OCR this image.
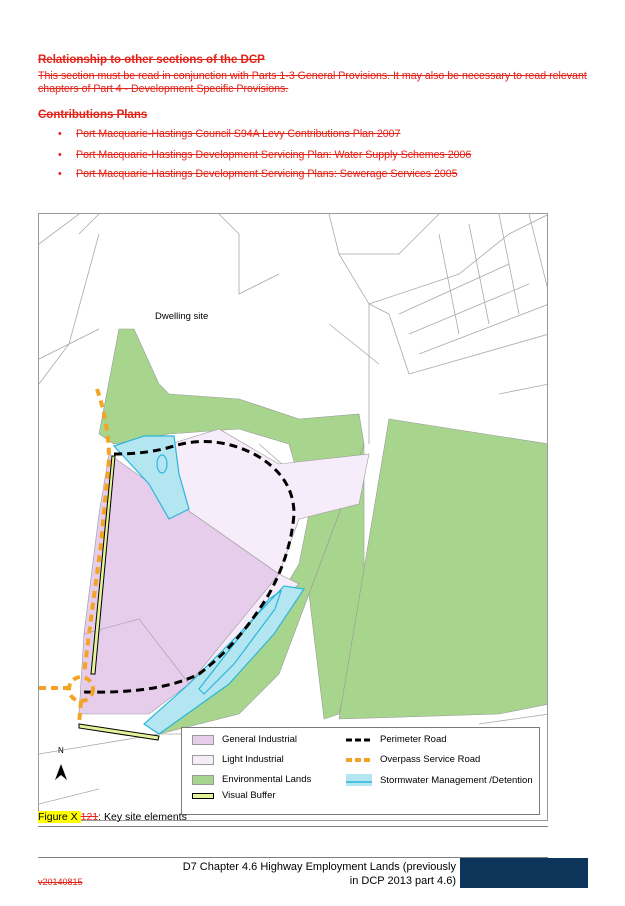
Relationship to other sections of the DCP
This section must be read in conjunction with Parts 1-3 General Provisions. It may also be necessary to read relevant chapters of Part 4 - Development Specific Provisions.
Contributions Plans
• Port Macquarie-Hastings Council S94A Levy Contributions Plan 2007
• Port Macquarie-Hastings Development Servicing Plan: Water Supply Schemes 2006
• Port Macquarie-Hastings Development Servicing Plans: Sewerage Services 2005
Dwelling site
N
General Industrial
Light Industrial
Environmental Lands
Visual Buffer
Perimeter Road
Overpass Service Road
Stormwater Management /Detention
Figure X 121: Key site elements
D7 Chapter 4.6 Highway Employment Lands (previously
in DCP 2013 part 4.6)
v20140815
